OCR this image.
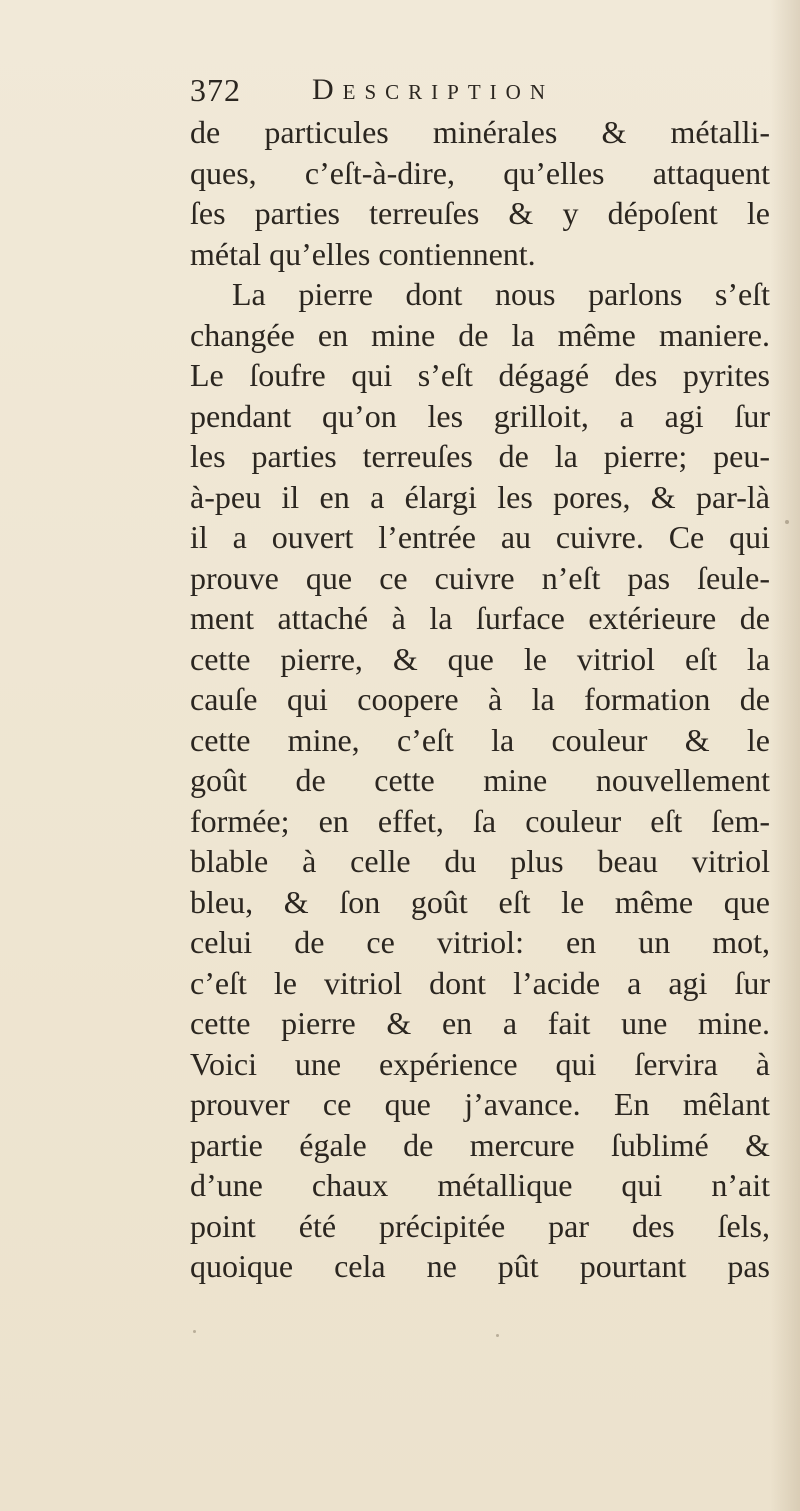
372 Description
de particules minérales & métalli-
ques, c’eſt-à-dire, qu’elles attaquent
ſes parties terreuſes & y dépoſent le
métal qu’elles contiennent.
La pierre dont nous parlons s’eſt
changée en mine de la même maniere.
Le ſoufre qui s’eſt dégagé des pyrites
pendant qu’on les grilloit, a agi ſur
les parties terreuſes de la pierre; peu-
à-peu il en a élargi les pores, & par-là
il a ouvert l’entrée au cuivre. Ce qui
prouve que ce cuivre n’eſt pas ſeule-
ment attaché à la ſurface extérieure de
cette pierre, & que le vitriol eſt la
cauſe qui coopere à la formation de
cette mine, c’eſt la couleur & le
goût de cette mine nouvellement
formée; en effet, ſa couleur eſt ſem-
blable à celle du plus beau vitriol
bleu, & ſon goût eſt le même que
celui de ce vitriol: en un mot,
c’eſt le vitriol dont l’acide a agi ſur
cette pierre & en a fait une mine.
Voici une expérience qui ſervira à
prouver ce que j’avance. En mêlant
partie égale de mercure ſublimé &
d’une chaux métallique qui n’ait
point été précipitée par des ſels,
quoique cela ne pût pourtant pas
